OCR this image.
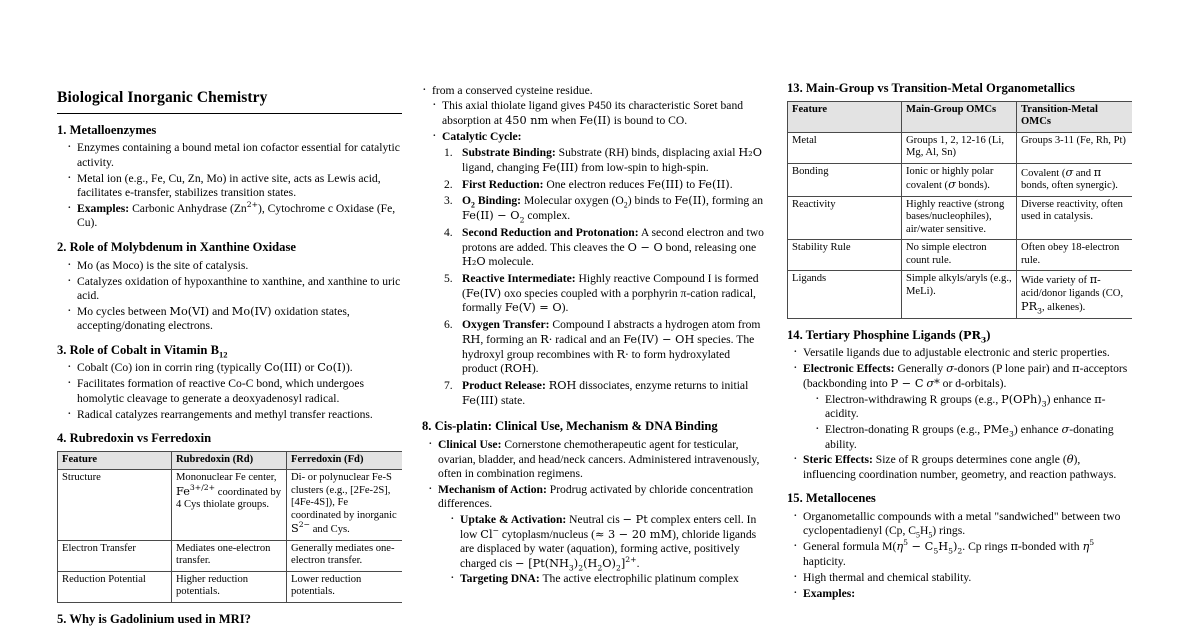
Biological Inorganic Chemistry
1. Metalloenzymes
· Enzymes containing a bound metal ion cofactor essential for catalytic activity.
· Metal ion (e.g., Fe, Cu, Zn, Mo) in active site, acts as Lewis acid, facilitates e-transfer, stabilizes transition states.
· Examples: Carbonic Anhydrase $(Zn^{2+})$, Cytochrome c Oxidase (Fe, Cu).
2. Role of Molybdenum in Xanthine Oxidase
· Mo (as Moco) is the site of catalysis.
· Catalyzes oxidation of hypoxanthine to xanthine, and xanthine to uric acid.
· Mo cycles between Mo(VI) and Mo(IV) oxidation states, accepting/donating electrons.
3. Role of Cobalt in Vitamin $B_{12}$
· Cobalt (Co) ion in corrin ring (typically Co(III) or Co(I)).
· Facilitates formation of reactive Co-C bond, which undergoes homolytic cleavage to generate a deoxyadenosyl radical.
· Radical catalyzes rearrangements and methyl transfer reactions.
4. Rubredoxin vs Ferredoxin
Feature	Rubredoxin (Rd)	Ferredoxin (Fd)
Structure	Mononuclear Fe center, $Fe^{3+/2+}$ coordinated by 4 Cys thiolate groups.	Di- or polynuclear Fe-S clusters (e.g., [2Fe-2S], [4Fe-4S]), Fe coordinated by inorganic $S^{2-}$ and Cys.
Electron Transfer	Mediates one-electron transfer.	Generally mediates one-electron transfer.
Reduction Potential	Higher reduction potentials.	Lower reduction potentials.
5. Why is Gadolinium used in MRI?
· from a conserved cysteine residue.
· This axial thiolate ligand gives P450 its characteristic Soret band absorption at 450 nm when Fe(II) is bound to CO.
· Catalytic Cycle:
Substrate Binding: Substrate (RH) binds, displacing axial H₂O ligand, changing Fe(III) from low-spin to high-spin.
First Reduction: One electron reduces Fe(III) to Fe(II).
$O_2$ Binding: Molecular oxygen $(O_2)$ binds to Fe(II), forming an $Fe(II) - O_2$ complex.
Second Reduction and Protonation: A second electron and two protons are added. This cleaves the O − O bond, releasing one H₂O molecule.
Reactive Intermediate: Highly reactive Compound I is formed (Fe(IV) oxo species coupled with a porphyrin π-cation radical, formally Fe(V) = O).
Oxygen Transfer: Compound I abstracts a hydrogen atom from RH, forming an R· radical and an Fe(IV) − OH species. The hydroxyl group recombines with R· to form hydroxylated product (ROH).
Product Release: ROH dissociates, enzyme returns to initial Fe(III) state.
8. Cis-platin: Clinical Use, Mechanism & DNA Binding
· Clinical Use: Cornerstone chemotherapeutic agent for testicular, ovarian, bladder, and head/neck cancers. Administered intravenously, often in combination regimens.
· Mechanism of Action: Prodrug activated by chloride concentration differences.
· Uptake & Activation: Neutral cis − Pt complex enters cell. In low Cl− cytoplasm/nucleus (≈ 3 − 20 mM), chloride ligands are displaced by water (aquation), forming active, positively charged cis − $[Pt(NH_3)_2(H_2O)_2]^{2+}$.
· Targeting DNA: The active electrophilic platinum complex
13. Main-Group vs Transition-Metal Organometallics
Feature	Main-Group OMCs	Transition-Metal OMCs
Metal	Groups 1, 2, 12-16 (Li, Mg, Al, Sn)	Groups 3-11 (Fe, Rh, Pt)
Bonding	Ionic or highly polar covalent (σ bonds).	Covalent (σ and π bonds, often synergic).
Reactivity	Highly reactive (strong bases/nucleophiles), air/water sensitive.	Diverse reactivity, often used in catalysis.
Stability Rule	No simple electron count rule.	Often obey 18-electron rule.
Ligands	Simple alkyls/aryls (e.g., MeLi).	Wide variety of π-acid/donor ligands (CO, $PR_3$, alkenes).
14. Tertiary Phosphine Ligands $(PR_3)$
· Versatile ligands due to adjustable electronic and steric properties.
· Electronic Effects: Generally σ-donors (P lone pair) and π-acceptors (backbonding into P − C σ* or d-orbitals).
· Electron-withdrawing R groups (e.g., $P(OPh)_3$) enhance π-acidity.
· Electron-donating R groups (e.g., PMe$_3$) enhance σ-donating ability.
· Steric Effects: Size of R groups determines cone angle (θ), influencing coordination number, geometry, and reaction pathways.
15. Metallocenes
· Organometallic compounds with a metal "sandwiched" between two cyclopentadienyl (Cp, $C_5H_5$) rings.
· General formula $M(\eta^5 - C_5H_5)_2$. Cp rings π-bonded with $\eta^5$ hapticity.
· High thermal and chemical stability.
· Examples:
